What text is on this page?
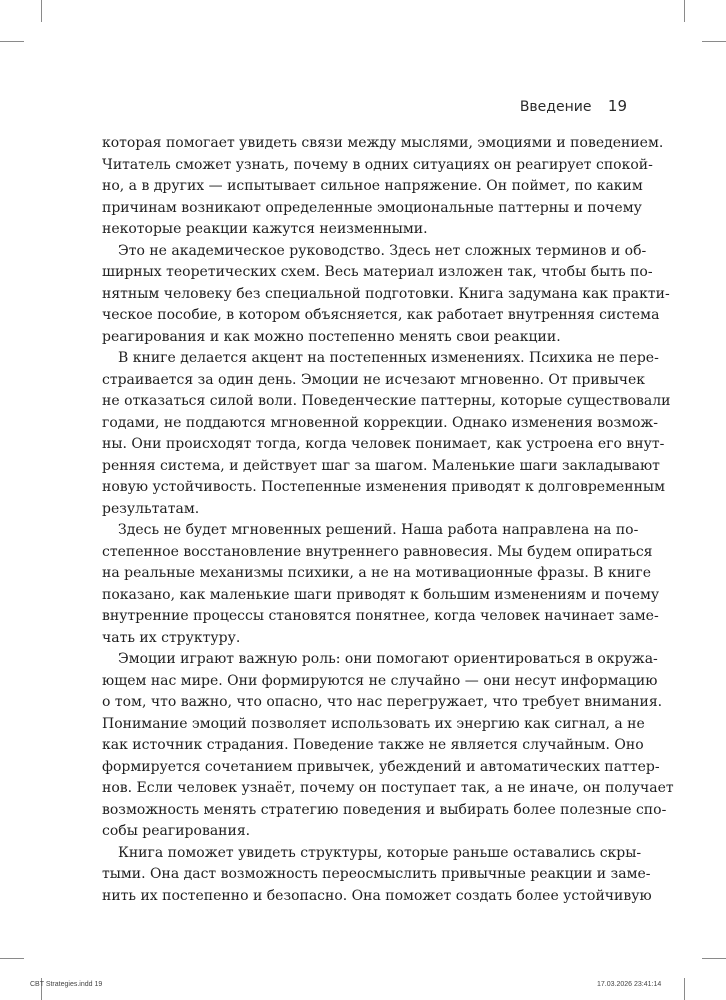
Введение 19

которая помогает увидеть связи между мыслями, эмоциями и поведением.
Читатель сможет узнать, почему в одних ситуациях он реагирует спокой-
но, а в других — испытывает сильное напряжение. Он поймет, по каким
причинам возникают определенные эмоциональные паттерны и почему
некоторые реакции кажутся неизменными.

Это не академическое руководство. Здесь нет сложных терминов и об-
ширных теоретических схем. Весь материал изложен так, чтобы быть по-
нятным человеку без специальной подготовки. Книга задумана как практи-
ческое пособие, в котором объясняется, как работает внутренняя система
реагирования и как можно постепенно менять свои реакции.

В книге делается акцент на постепенных изменениях. Психика не пере-
страивается за один день. Эмоции не исчезают мгновенно. От привычек
не отказаться силой воли. Поведенческие паттерны, которые существовали
годами, не поддаются мгновенной коррекции. Однако изменения возмож-
ны. Они происходят тогда, когда человек понимает, как устроена его внут-
ренняя система, и действует шаг за шагом. Маленькие шаги закладывают
новую устойчивость. Постепенные изменения приводят к долговременным
результатам.

Здесь не будет мгновенных решений. Наша работа направлена на по-
степенное восстановление внутреннего равновесия. Мы будем опираться
на реальные механизмы психики, а не на мотивационные фразы. В книге
показано, как маленькие шаги приводят к большим изменениям и почему
внутренние процессы становятся понятнее, когда человек начинает заме-
чать их структуру.

Эмоции играют важную роль: они помогают ориентироваться в окружа-
ющем нас мире. Они формируются не случайно — они несут информацию
о том, что важно, что опасно, что нас перегружает, что требует внимания.
Понимание эмоций позволяет использовать их энергию как сигнал, а не
как источник страдания. Поведение также не является случайным. Оно
формируется сочетанием привычек, убеждений и автоматических паттер-
нов. Если человек узнаёт, почему он поступает так, а не иначе, он получает
возможность менять стратегию поведения и выбирать более полезные спо-
собы реагирования.

Книга поможет увидеть структуры, которые раньше оставались скры-
тыми. Она даст возможность переосмыслить привычные реакции и заме-
нить их постепенно и безопасно. Она поможет создать более устойчивую

CBT Strategies.indd 19	17.03.2026 23:41:14
